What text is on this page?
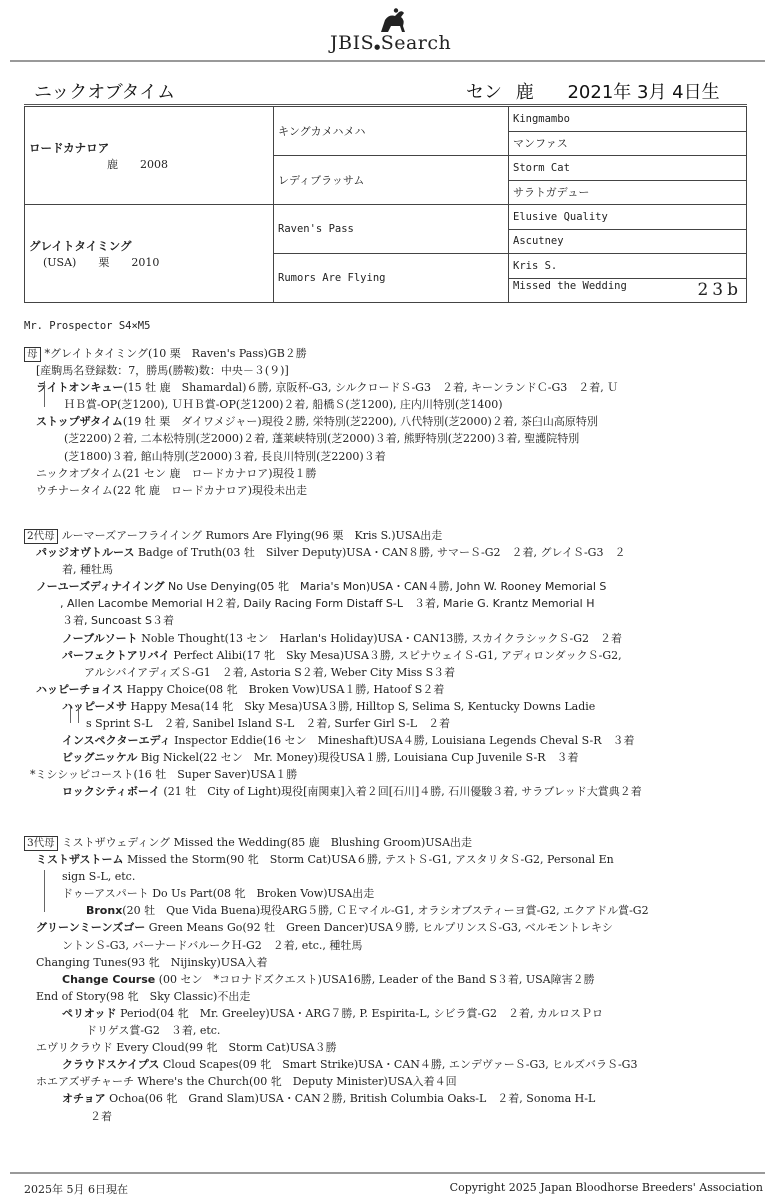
JBIS●Search
ニックオブタイム	セン 鹿 2021年 3月 4日生
ロードカナロア
鹿　　2008	キングカメハメハ	Kingmambo
		マンファス
	レディブラッサム	Storm Cat
		サラトガデュー

グレイトタイミング
(USA)　　栗　　2010	Raven's Pass	Elusive Quality
		Ascutney
	Rumors Are Flying	Kris S.
		Missed the Wedding 23b
Mr. Prospector S4×M5
母 *グレイトタイミング(10 栗　Raven's Pass)GB２勝
[産駒馬名登録数：7，勝馬(勝鞍)数：中央－３(９)]
ライトオンキュー(15 牡 鹿　Shamardal)６勝, 京阪杯-G3, シルクロードＳ-G3　２着, キーンランドＣ-G3　２着, Ｕ
ＨＢ賞-OP(芝1200), ＵＨＢ賞-OP(芝1200)２着, 船橋Ｓ(芝1200), 庄内川特別(芝1400)
ストップザタイム(19 牡 栗　ダイワメジャー)現役２勝, 栄特別(芝2200), 八代特別(芝2000)２着, 茶臼山高原特別
(芝2200)２着, 二本松特別(芝2000)２着, 蓬莱峡特別(芝2000)３着, 熊野特別(芝2200)３着, 聖護院特別
(芝1800)３着, 館山特別(芝2000)３着, 長良川特別(芝2200)３着
ニックオブタイム(21 セン 鹿　ロードカナロア)現役１勝
ウチナータイム(22 牝 鹿　ロードカナロア)現役未出走
2代母 ルーマーズアーフライイング Rumors Are Flying(96 栗　Kris S.)USA出走
パッジオヴトルース Badge of Truth(03 牡　Silver Deputy)USA・CAN８勝, サマーＳ-G2　２着, グレイＳ-G3　２
着, 種牡馬
ノーユーズディナイイング No Use Denying(05 牝　Maria's Mon)USA・CAN４勝, John W. Rooney Memorial S
, Allen Lacombe Memorial H２着, Daily Racing Form Distaff S-L　３着, Marie G. Krantz Memorial H
３着, Suncoast S３着
ノーブルソート Noble Thought(13 セン　Harlan's Holiday)USA・CAN13勝, スカイクラシックＳ-G2　２着
パーフェクトアリバイ Perfect Alibi(17 牝　Sky Mesa)USA３勝, スピナウェイＳ-G1, アディロンダックＳ-G2,
アルシバイアディズＳ-G1　２着, Astoria S２着, Weber City Miss S３着
ハッピーチョイス Happy Choice(08 牝　Broken Vow)USA１勝, Hatoof S２着
ハッピーメサ Happy Mesa(14 牝　Sky Mesa)USA３勝, Hilltop S, Selima S, Kentucky Downs Ladie
s Sprint S-L　２着, Sanibel Island S-L　２着, Surfer Girl S-L　２着
インスペクターエディ Inspector Eddie(16 セン　Mineshaft)USA４勝, Louisiana Legends Cheval S-R　３着
ビッグニッケル Big Nickel(22 セン　Mr. Money)現役USA１勝, Louisiana Cup Juvenile S-R　３着
*ミシシッピコースト(16 牡　Super Saver)USA１勝
ロックシティボーイ (21 牡　City of Light)現役[南関東]入着２回[石川]４勝, 石川優駿３着, サラブレッド大賞典２着
3代母 ミストザウェディング Missed the Wedding(85 鹿　Blushing Groom)USA出走
ミストザストーム Missed the Storm(90 牝　Storm Cat)USA６勝, テストＳ-G1, アスタリタＳ-G2, Personal En
sign S-L, etc.
ドゥーアスパート Do Us Part(08 牝　Broken Vow)USA出走
Bronx(20 牡　Que Vida Buena)現役ARG５勝, ＣＥマイル-G1, オラシオブスティーヨ賞-G2, エクアドル賞-G2
グリーンミーンズゴー Green Means Go(92 牡　Green Dancer)USA９勝, ヒルプリンスＳ-G3, ベルモントレキシ
ントンＳ-G3, バーナードバルークＨ-G2　２着, etc., 種牡馬
Changing Tunes(93 牝　Nijinsky)USA入着
Change Course (00 セン　*コロナドズクエスト)USA16勝, Leader of the Band S３着, USA障害２勝
End of Story(98 牝　Sky Classic)不出走
ペリオッド Period(04 牝　Mr. Greeley)USA・ARG７勝, P. Espirita-L, シビラ賞-G2　２着, カルロスＰロ
ドリゲス賞-G2　３着, etc.
エヴリクラウド Every Cloud(99 牝　Storm Cat)USA３勝
クラウドスケイプス Cloud Scapes(09 牝　Smart Strike)USA・CAN４勝, エンデヴァーＳ-G3, ヒルズバラＳ-G3
ホエアズザチャーチ Where's the Church(00 牝　Deputy Minister)USA入着４回
オチョア Ochoa(06 牝　Grand Slam)USA・CAN２勝, British Columbia Oaks-L　２着, Sonoma H-L
２着
2025年 5月 6日現在	Copyright 2025 Japan Bloodhorse Breeders' Association
